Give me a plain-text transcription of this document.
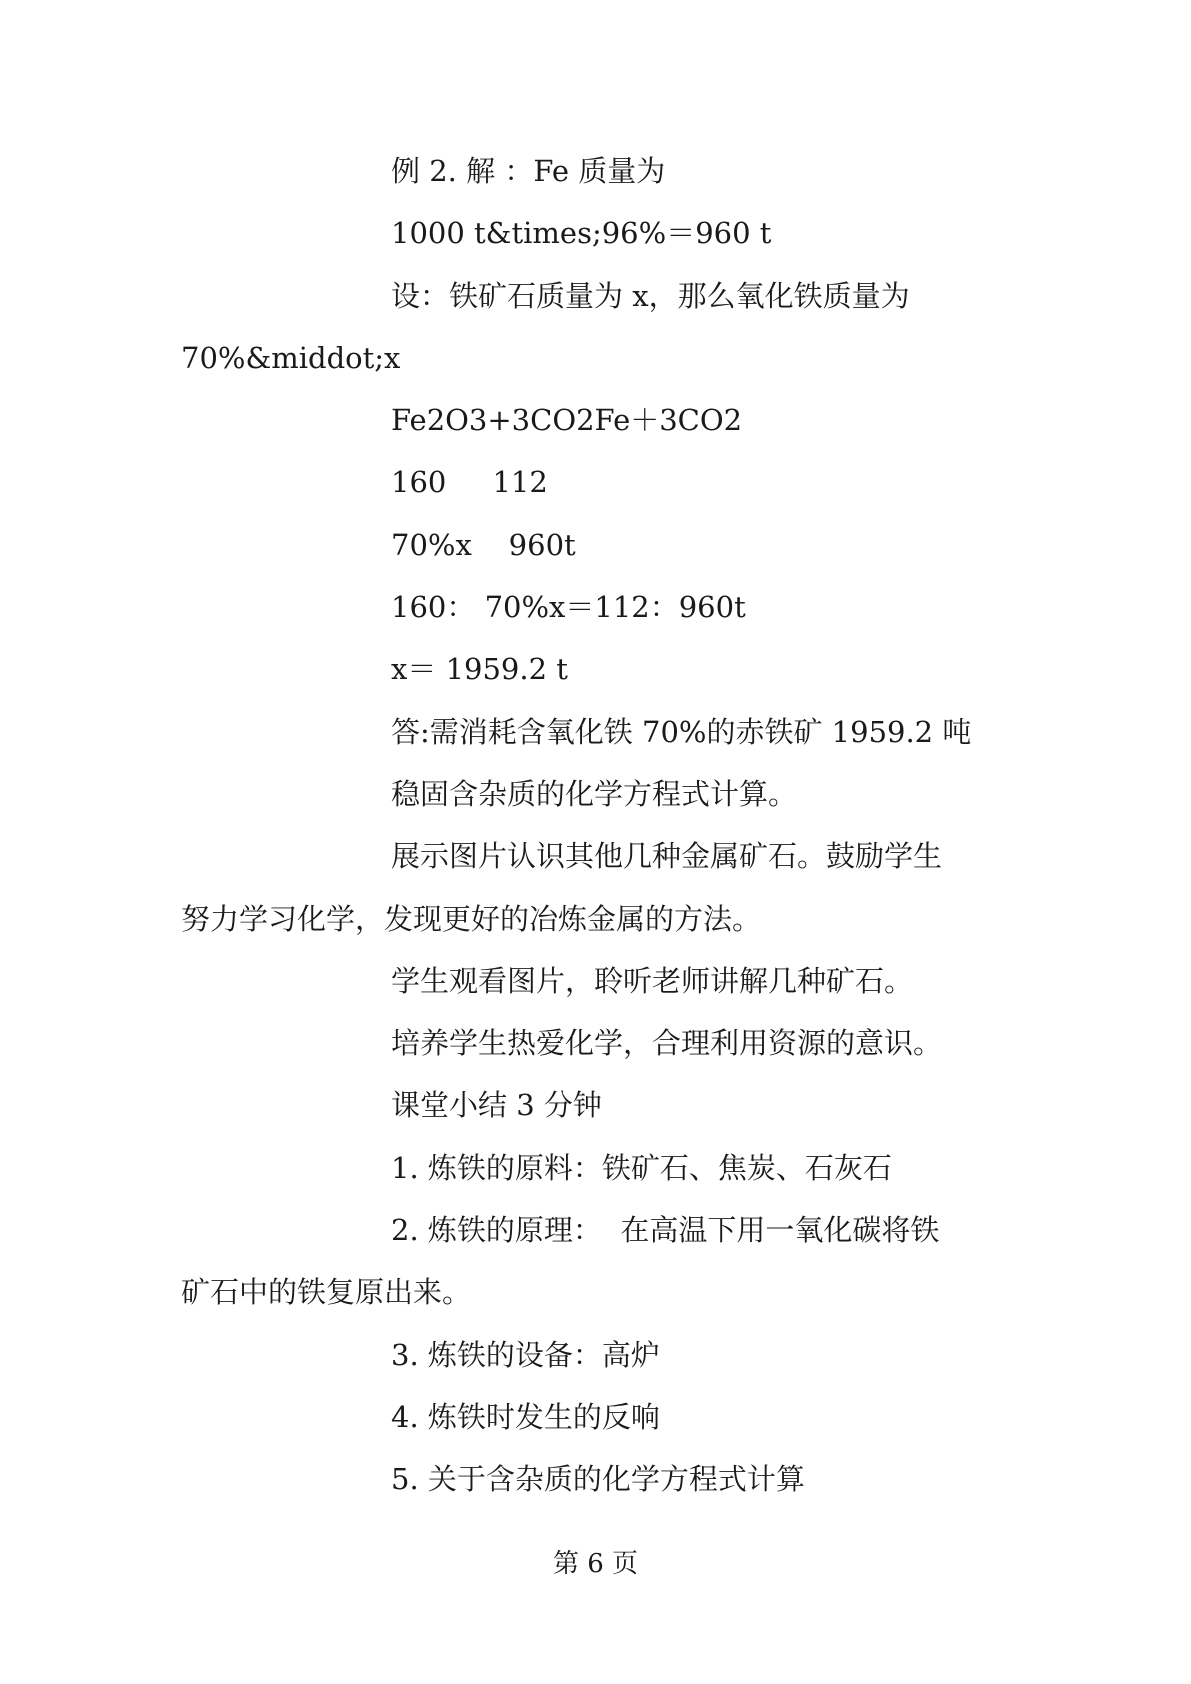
例 2. 解 ：Fe 质量为
1000 t&times;96%＝960 t
设：铁矿石质量为 x，那么氧化铁质量为
70%&middot;x
Fe2O3+3CO2Fe＋3CO2
160     112
70%x    960t
160： 70%x＝112：960t
x＝ 1959.2 t
答:需消耗含氧化铁 70%的赤铁矿 1959.2 吨
稳固含杂质的化学方程式计算。
展示图片认识其他几种金属矿石。鼓励学生
努力学习化学，发现更好的冶炼金属的方法。
学生观看图片，聆听老师讲解几种矿石。
培养学生热爱化学，合理利用资源的意识。
课堂小结 3 分钟
1. 炼铁的原料：铁矿石、焦炭、石灰石
2. 炼铁的原理：  在高温下用一氧化碳将铁
矿石中的铁复原出来。
3. 炼铁的设备：高炉
4. 炼铁时发生的反响
5. 关于含杂质的化学方程式计算
第 6 页
